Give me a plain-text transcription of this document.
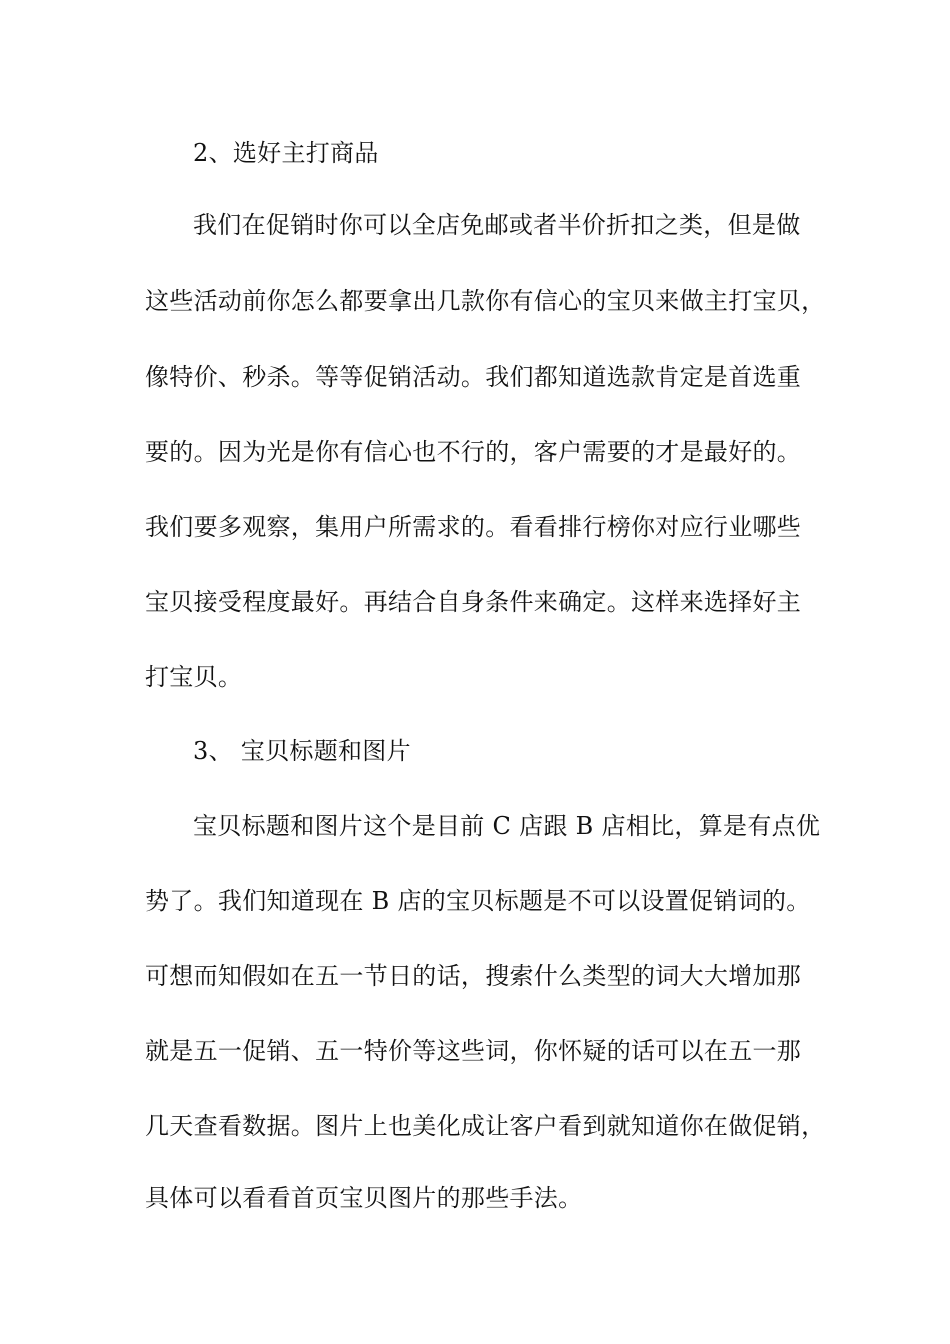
2、选好主打商品
我们在促销时你可以全店免邮或者半价折扣之类，但是做
这些活动前你怎么都要拿出几款你有信心的宝贝来做主打宝贝，
像特价、秒杀。等等促销活动。我们都知道选款肯定是首选重
要的。因为光是你有信心也不行的，客户需要的才是最好的。
我们要多观察，集用户所需求的。看看排行榜你对应行业哪些
宝贝接受程度最好。再结合自身条件来确定。这样来选择好主
打宝贝。
3、 宝贝标题和图片
宝贝标题和图片这个是目前 C 店跟 B 店相比，算是有点优
势了。我们知道现在 B 店的宝贝标题是不可以设置促销词的。
可想而知假如在五一节日的话，搜索什么类型的词大大增加那
就是五一促销、五一特价等这些词，你怀疑的话可以在五一那
几天查看数据。图片上也美化成让客户看到就知道你在做促销，
具体可以看看首页宝贝图片的那些手法。
